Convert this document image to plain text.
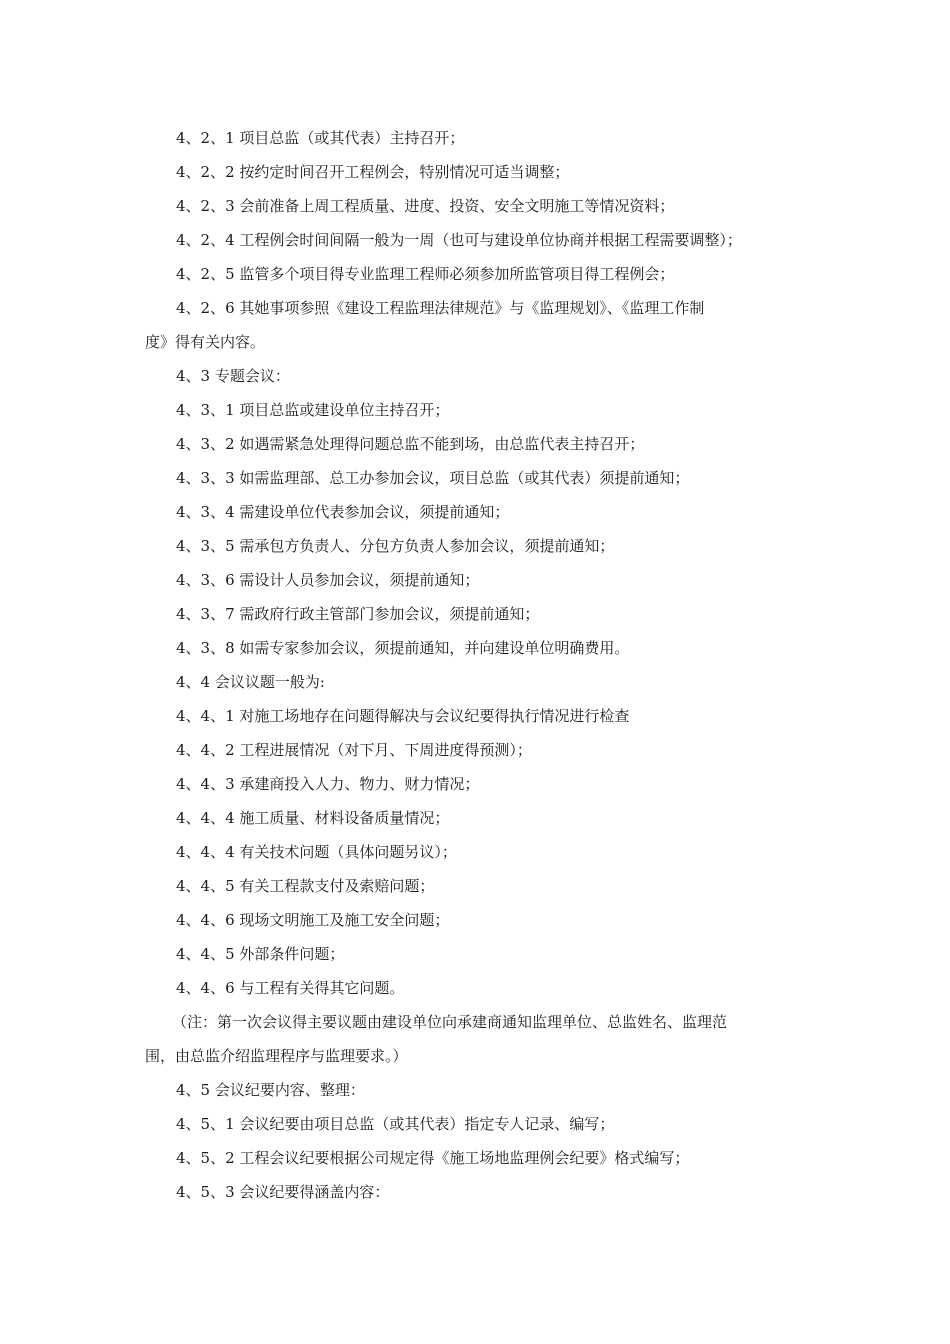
4、2、1 项目总监（或其代表）主持召开；
4、2、2 按约定时间召开工程例会，特别情况可适当调整；
4、2、3 会前准备上周工程质量、进度、投资、安全文明施工等情况资料；
4、2、4 工程例会时间间隔一般为一周（也可与建设单位协商并根据工程需要调整）；
4、2、5 监管多个项目得专业监理工程师必须参加所监管项目得工程例会；
4、2、6 其她事项参照《建设工程监理法律规范》与《监理规划》、《监理工作制
度》得有关内容。
4、3 专题会议：
4、3、1 项目总监或建设单位主持召开；
4、3、2 如遇需紧急处理得问题总监不能到场，由总监代表主持召开；
4、3、3 如需监理部、总工办参加会议，项目总监（或其代表）须提前通知；
4、3、4 需建设单位代表参加会议，须提前通知；
4、3、5 需承包方负责人、分包方负责人参加会议，须提前通知；
4、3、6 需设计人员参加会议，须提前通知；
4、3、7 需政府行政主管部门参加会议，须提前通知；
4、3、8 如需专家参加会议，须提前通知，并向建设单位明确费用。
4、4 会议议题一般为:
4、4、1 对施工场地存在问题得解决与会议纪要得执行情况进行检查
4、4、2 工程进展情况（对下月、下周进度得预测）；
4、4、3 承建商投入人力、物力、财力情况；
4、4、4 施工质量、材料设备质量情况；
4、4、4 有关技术问题（具体问题另议）；
4、4、5 有关工程款支付及索赔问题；
4、4、6 现场文明施工及施工安全问题；
4、4、5 外部条件问题；
4、4、6 与工程有关得其它问题。
（注：第一次会议得主要议题由建设单位向承建商通知监理单位、总监姓名、监理范
围，由总监介绍监理程序与监理要求。）
4、5 会议纪要内容、整理：
4、5、1 会议纪要由项目总监（或其代表）指定专人记录、编写；
4、5、2 工程会议纪要根据公司规定得《施工场地监理例会纪要》格式编写；
4、5、3 会议纪要得涵盖内容：
